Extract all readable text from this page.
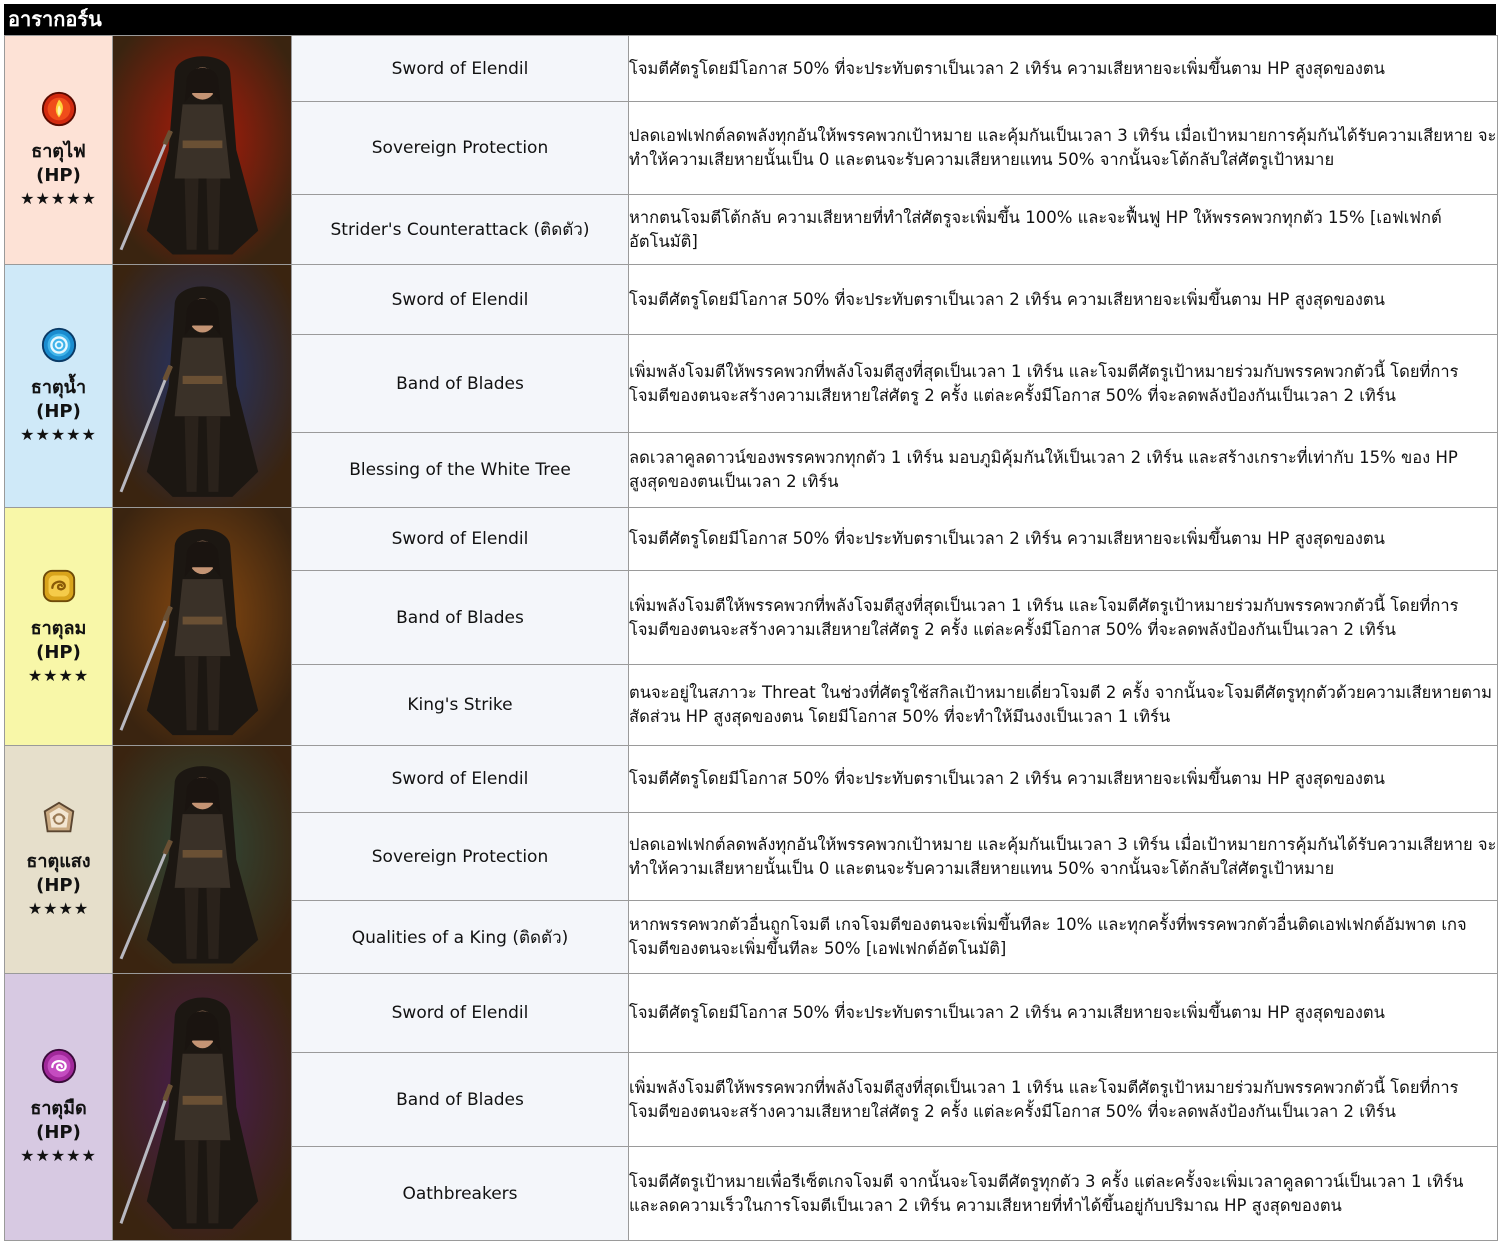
อารากอร์น
ธาตุไฟ
(HP)
★★★★★		Sword of Elendil	โจมตีศัตรูโดยมีโอกาส 50% ที่จะประทับตราเป็นเวลา 2 เทิร์น ความเสียหายจะเพิ่มขึ้นตาม HP สูงสุดของตน
		Sovereign Protection	ปลดเอฟเฟกต์ลดพลังทุกอันให้พรรคพวกเป้าหมาย และคุ้มกันเป็นเวลา 3 เทิร์น เมื่อเป้าหมายการคุ้มกันได้รับความเสียหาย จะทำให้ความเสียหายนั้นเป็น 0 และตนจะรับความเสียหายแทน 50% จากนั้นจะโต้กลับใส่ศัตรูเป้าหมาย
		Strider's Counterattack (ติดตัว)	หากตนโจมตีโต้กลับ ความเสียหายที่ทำใส่ศัตรูจะเพิ่มขึ้น 100% และจะฟื้นฟู HP ให้พรรคพวกทุกตัว 15% [เอฟเฟกต์อัตโนมัติ]

ธาตุน้ำ
(HP)
★★★★★		Sword of Elendil	โจมตีศัตรูโดยมีโอกาส 50% ที่จะประทับตราเป็นเวลา 2 เทิร์น ความเสียหายจะเพิ่มขึ้นตาม HP สูงสุดของตน
		Band of Blades	เพิ่มพลังโจมตีให้พรรคพวกที่พลังโจมตีสูงที่สุดเป็นเวลา 1 เทิร์น และโจมตีศัตรูเป้าหมายร่วมกับพรรคพวกตัวนี้ โดยที่การโจมตีของตนจะสร้างความเสียหายใส่ศัตรู 2 ครั้ง แต่ละครั้งมีโอกาส 50% ที่จะลดพลังป้องกันเป็นเวลา 2 เทิร์น
		Blessing of the White Tree	ลดเวลาคูลดาวน์ของพรรคพวกทุกตัว 1 เทิร์น มอบภูมิคุ้มกันให้เป็นเวลา 2 เทิร์น และสร้างเกราะที่เท่ากับ 15% ของ HP สูงสุดของตนเป็นเวลา 2 เทิร์น

ธาตุลม
(HP)
★★★★		Sword of Elendil	โจมตีศัตรูโดยมีโอกาส 50% ที่จะประทับตราเป็นเวลา 2 เทิร์น ความเสียหายจะเพิ่มขึ้นตาม HP สูงสุดของตน
		Band of Blades	เพิ่มพลังโจมตีให้พรรคพวกที่พลังโจมตีสูงที่สุดเป็นเวลา 1 เทิร์น และโจมตีศัตรูเป้าหมายร่วมกับพรรคพวกตัวนี้ โดยที่การโจมตีของตนจะสร้างความเสียหายใส่ศัตรู 2 ครั้ง แต่ละครั้งมีโอกาส 50% ที่จะลดพลังป้องกันเป็นเวลา 2 เทิร์น
		King's Strike	ตนจะอยู่ในสภาวะ Threat ในช่วงที่ศัตรูใช้สกิลเป้าหมายเดี่ยวโจมตี 2 ครั้ง จากนั้นจะโจมตีศัตรูทุกตัวด้วยความเสียหายตามสัดส่วน HP สูงสุดของตน โดยมีโอกาส 50% ที่จะทำให้มึนงงเป็นเวลา 1 เทิร์น

ธาตุแสง
(HP)
★★★★		Sword of Elendil	โจมตีศัตรูโดยมีโอกาส 50% ที่จะประทับตราเป็นเวลา 2 เทิร์น ความเสียหายจะเพิ่มขึ้นตาม HP สูงสุดของตน
		Sovereign Protection	ปลดเอฟเฟกต์ลดพลังทุกอันให้พรรคพวกเป้าหมาย และคุ้มกันเป็นเวลา 3 เทิร์น เมื่อเป้าหมายการคุ้มกันได้รับความเสียหาย จะทำให้ความเสียหายนั้นเป็น 0 และตนจะรับความเสียหายแทน 50% จากนั้นจะโต้กลับใส่ศัตรูเป้าหมาย
		Qualities of a King (ติดตัว)	หากพรรคพวกตัวอื่นถูกโจมตี เกจโจมตีของตนจะเพิ่มขึ้นทีละ 10% และทุกครั้งที่พรรคพวกตัวอื่นติดเอฟเฟกต์อัมพาต เกจโจมตีของตนจะเพิ่มขึ้นทีละ 50% [เอฟเฟกต์อัตโนมัติ]

ธาตุมืด
(HP)
★★★★★		Sword of Elendil	โจมตีศัตรูโดยมีโอกาส 50% ที่จะประทับตราเป็นเวลา 2 เทิร์น ความเสียหายจะเพิ่มขึ้นตาม HP สูงสุดของตน
		Band of Blades	เพิ่มพลังโจมตีให้พรรคพวกที่พลังโจมตีสูงที่สุดเป็นเวลา 1 เทิร์น และโจมตีศัตรูเป้าหมายร่วมกับพรรคพวกตัวนี้ โดยที่การโจมตีของตนจะสร้างความเสียหายใส่ศัตรู 2 ครั้ง แต่ละครั้งมีโอกาส 50% ที่จะลดพลังป้องกันเป็นเวลา 2 เทิร์น
		Oathbreakers	โจมตีศัตรูเป้าหมายเพื่อรีเซ็ตเกจโจมตี จากนั้นจะโจมตีศัตรูทุกตัว 3 ครั้ง แต่ละครั้งจะเพิ่มเวลาคูลดาวน์เป็นเวลา 1 เทิร์น และลดความเร็วในการโจมตีเป็นเวลา 2 เทิร์น ความเสียหายที่ทำได้ขึ้นอยู่กับปริมาณ HP สูงสุดของตน
